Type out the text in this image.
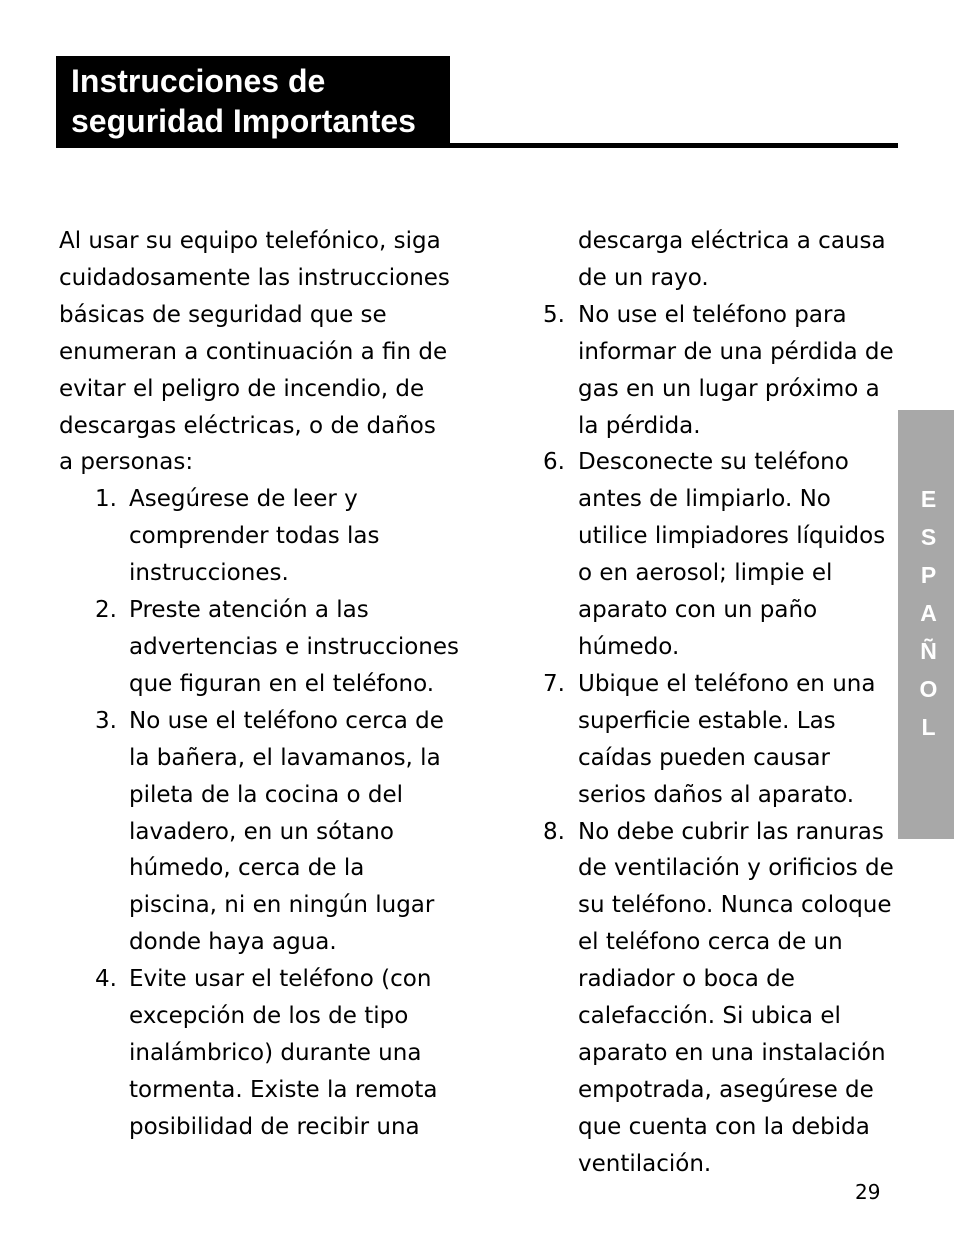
Instrucciones de
seguridad Importantes

Al usar su equipo telefónico, siga
cuidadosamente las instrucciones
básicas de seguridad que se
enumeran a continuación a fin de
evitar el peligro de incendio, de
descargas eléctricas, o de daños
a personas:

1. Asegúrese de leer y
comprender todas las
instrucciones.
2. Preste atención a las
advertencias e instrucciones
que figuran en el teléfono.
3. No use el teléfono cerca de
la bañera, el lavamanos, la
pileta de la cocina o del
lavadero, en un sótano
húmedo, cerca de la
piscina, ni en ningún lugar
donde haya agua.
4. Evite usar el teléfono (con
excepción de los de tipo
inalámbrico) durante una
tormenta. Existe la remota
posibilidad de recibir una
descarga eléctrica a causa
de un rayo.
5. No use el teléfono para
informar de una pérdida de
gas en un lugar próximo a
la pérdida.
6. Desconecte su teléfono
antes de limpiarlo. No
utilice limpiadores líquidos
o en aerosol; limpie el
aparato con un paño
húmedo.
7. Ubique el teléfono en una
superficie estable. Las
caídas pueden causar
serios daños al aparato.
8. No debe cubrir las ranuras
de ventilación y orificios de
su teléfono. Nunca coloque
el teléfono cerca de un
radiador o boca de
calefacción. Si ubica el
aparato en una instalación
empotrada, asegúrese de
que cuenta con la debida
ventilación.
E
S
P
A
Ñ
O
L
29
